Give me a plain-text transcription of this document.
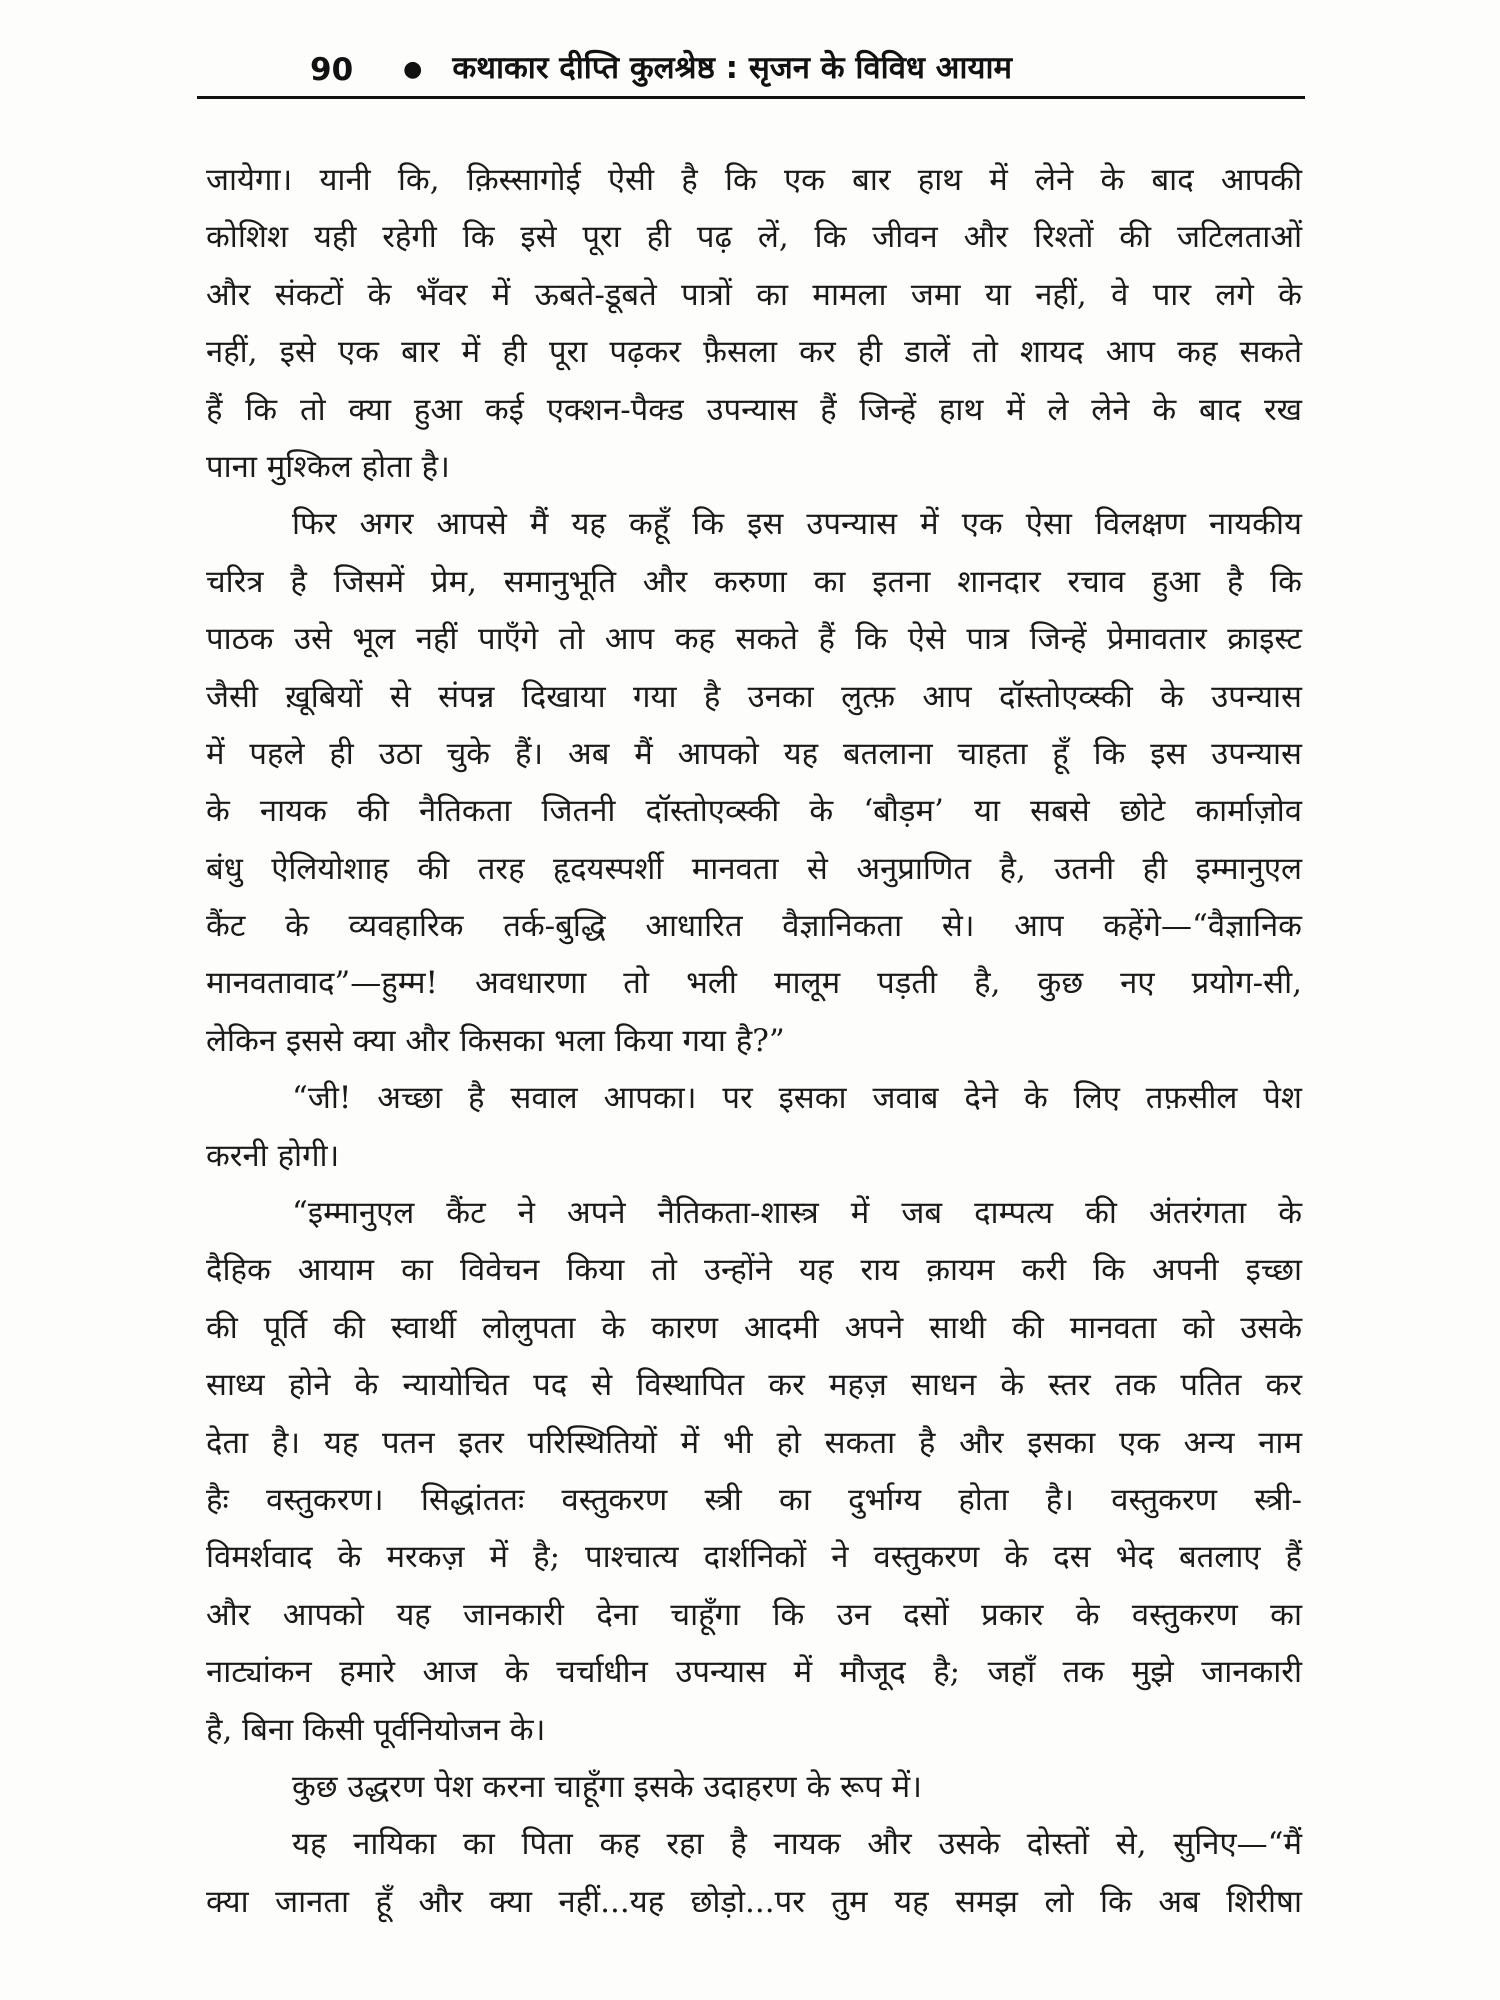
90 ● कथाकार दीप्ति कुलश्रेष्ठ : सृजन के विविध आयाम
जायेगा। यानी कि, क़िस्सागोई ऐसी है कि एक बार हाथ में लेने के बाद आपकी
कोशिश यही रहेगी कि इसे पूरा ही पढ़ लें, कि जीवन और रिश्तों की जटिलताओं
और संकटों के भँवर में ऊबते-डूबते पात्रों का मामला जमा या नहीं, वे पार लगे के
नहीं, इसे एक बार में ही पूरा पढ़कर फ़ैसला कर ही डालें तो शायद आप कह सकते
हैं कि तो क्या हुआ कई एक्शन-पैक्ड उपन्यास हैं जिन्हें हाथ में ले लेने के बाद रख
पाना मुश्किल होता है।
फिर अगर आपसे मैं यह कहूँ कि इस उपन्यास में एक ऐसा विलक्षण नायकीय
चरित्र है जिसमें प्रेम, समानुभूति और करुणा का इतना शानदार रचाव हुआ है कि
पाठक उसे भूल नहीं पाएँगे तो आप कह सकते हैं कि ऐसे पात्र जिन्हें प्रेमावतार क्राइस्ट
जैसी ख़ूबियों से संपन्न दिखाया गया है उनका लुत्फ़ आप दॉस्तोएव्स्की के उपन्यास
में पहले ही उठा चुके हैं। अब मैं आपको यह बतलाना चाहता हूँ कि इस उपन्यास
के नायक की नैतिकता जितनी दॉस्तोएव्स्की के ‘बौड़म’ या सबसे छोटे कार्माज़ोव
बंधु ऐलियोशाह की तरह हृदयस्पर्शी मानवता से अनुप्राणित है, उतनी ही इम्मानुएल
कैंट के व्यवहारिक तर्क-बुद्धि आधारित वैज्ञानिकता से। आप कहेंगे—“वैज्ञानिक
मानवतावाद”—हुम्म! अवधारणा तो भली मालूम पड़ती है, कुछ नए प्रयोग-सी,
लेकिन इससे क्या और किसका भला किया गया है?”
“जी! अच्छा है सवाल आपका। पर इसका जवाब देने के लिए तफ़सील पेश
करनी होगी।
“इम्मानुएल कैंट ने अपने नैतिकता-शास्त्र में जब दाम्पत्य की अंतरंगता के
दैहिक आयाम का विवेचन किया तो उन्होंने यह राय क़ायम करी कि अपनी इच्छा
की पूर्ति की स्वार्थी लोलुपता के कारण आदमी अपने साथी की मानवता को उसके
साध्य होने के न्यायोचित पद से विस्थापित कर महज़ साधन के स्तर तक पतित कर
देता है। यह पतन इतर परिस्थितियों में भी हो सकता है और इसका एक अन्य नाम
हैः वस्तुकरण। सिद्धांततः वस्तुकरण स्त्री का दुर्भाग्य होता है। वस्तुकरण स्त्री-
विमर्शवाद के मरकज़ में है; पाश्चात्य दार्शनिकों ने वस्तुकरण के दस भेद बतलाए हैं
और आपको यह जानकारी देना चाहूँगा कि उन दसों प्रकार के वस्तुकरण का
नाट्यांकन हमारे आज के चर्चाधीन उपन्यास में मौजूद है; जहाँ तक मुझे जानकारी
है, बिना किसी पूर्वनियोजन के।
कुछ उद्धरण पेश करना चाहूँगा इसके उदाहरण के रूप में।
यह नायिका का पिता कह रहा है नायक और उसके दोस्तों से, सुनिए—“मैं
क्या जानता हूँ और क्या नहीं...यह छोड़ो...पर तुम यह समझ लो कि अब शिरीषा
